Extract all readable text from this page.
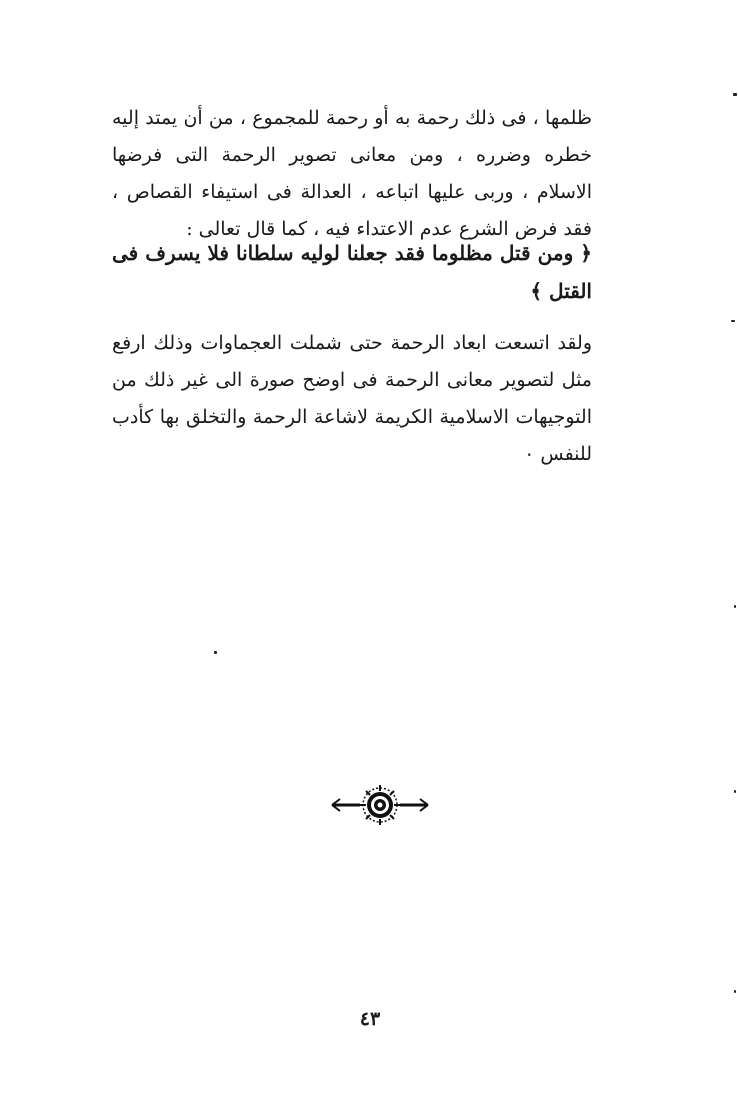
ظلمها ، فى ذلك رحمة به أو رحمة للمجموع ، من أن يمتد إليه خطره وضرره ، ومن معانى تصوير الرحمة التى فرضها الاسلام ، وربى عليها اتباعه ، العدالة فى استيفاء القصاص ، فقد فرض الشرع عدم الاعتداء فيه ، كما قال تعالى :

﴿ ومن قتل مظلوما فقد جعلنا لوليه سلطانا فلا يسرف فى القتل ﴾

ولقد اتسعت ابعاد الرحمة حتى شملت العجماوات وذلك ارفع مثل لتصوير معانى الرحمة فى اوضح صورة الى غير ذلك من التوجيهات الاسلامية الكريمة لاشاعة الرحمة والتخلق بها كأدب للنفس ٠

٤٣
